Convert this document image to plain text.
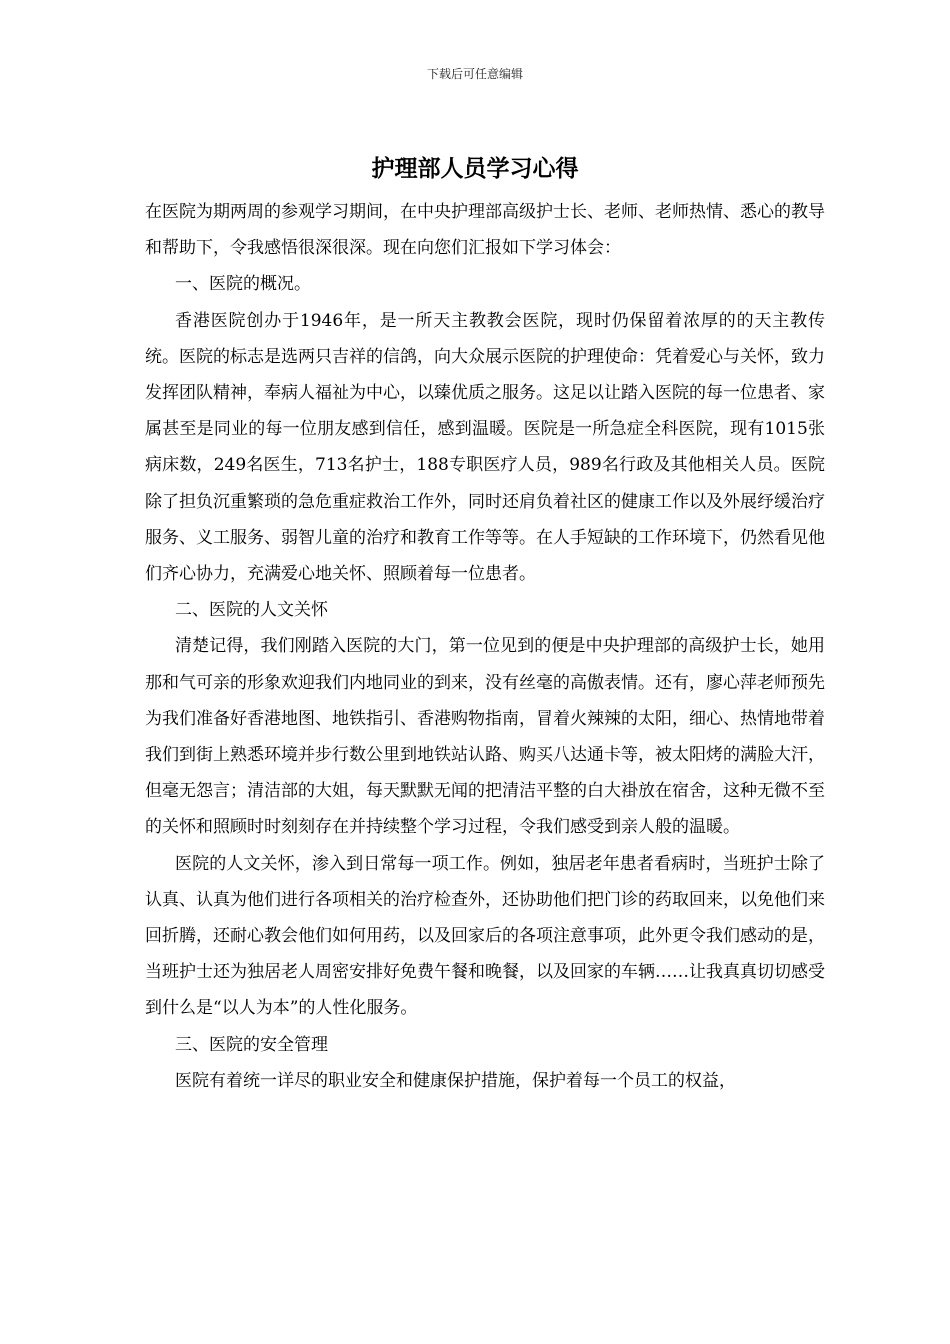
下载后可任意编辑
护理部人员学习心得

在医院为期两周的参观学习期间，在中央护理部高级护士长、老师、老师热情、悉心的教导和帮助下，令我感悟很深很深。现在向您们汇报如下学习体会：

一、医院的概况。

香港医院创办于1946年，是一所天主教教会医院，现时仍保留着浓厚的的天主教传统。医院的标志是选两只吉祥的信鸽，向大众展示医院的护理使命：凭着爱心与关怀，致力发挥团队精神，奉病人福祉为中心，以臻优质之服务。这足以让踏入医院的每一位患者、家属甚至是同业的每一位朋友感到信任，感到温暖。医院是一所急症全科医院，现有1015张病床数，249名医生，713名护士，188专职医疗人员，989名行政及其他相关人员。医院除了担负沉重繁琐的急危重症救治工作外，同时还肩负着社区的健康工作以及外展纾缓治疗服务、义工服务、弱智儿童的治疗和教育工作等等。在人手短缺的工作环境下，仍然看见他们齐心协力，充满爱心地关怀、照顾着每一位患者。

二、医院的人文关怀

清楚记得，我们刚踏入医院的大门，第一位见到的便是中央护理部的高级护士长，她用那和气可亲的形象欢迎我们内地同业的到来，没有丝毫的高傲表情。还有，廖心萍老师预先为我们准备好香港地图、地铁指引、香港购物指南，冒着火辣辣的太阳，细心、热情地带着我们到街上熟悉环境并步行数公里到地铁站认路、购买八达通卡等，被太阳烤的满脸大汗，但毫无怨言；清洁部的大姐，每天默默无闻的把清洁平整的白大褂放在宿舍，这种无微不至的关怀和照顾时时刻刻存在并持续整个学习过程，令我们感受到亲人般的温暖。

医院的人文关怀，渗入到日常每一项工作。例如，独居老年患者看病时，当班护士除了认真、认真为他们进行各项相关的治疗检查外，还协助他们把门诊的药取回来，以免他们来回折腾，还耐心教会他们如何用药，以及回家后的各项注意事项，此外更令我们感动的是，当班护士还为独居老人周密安排好免费午餐和晚餐，以及回家的车辆……让我真真切切感受到什么是“以人为本”的人性化服务。

三、医院的安全管理

医院有着统一详尽的职业安全和健康保护措施，保护着每一个员工的权益，
